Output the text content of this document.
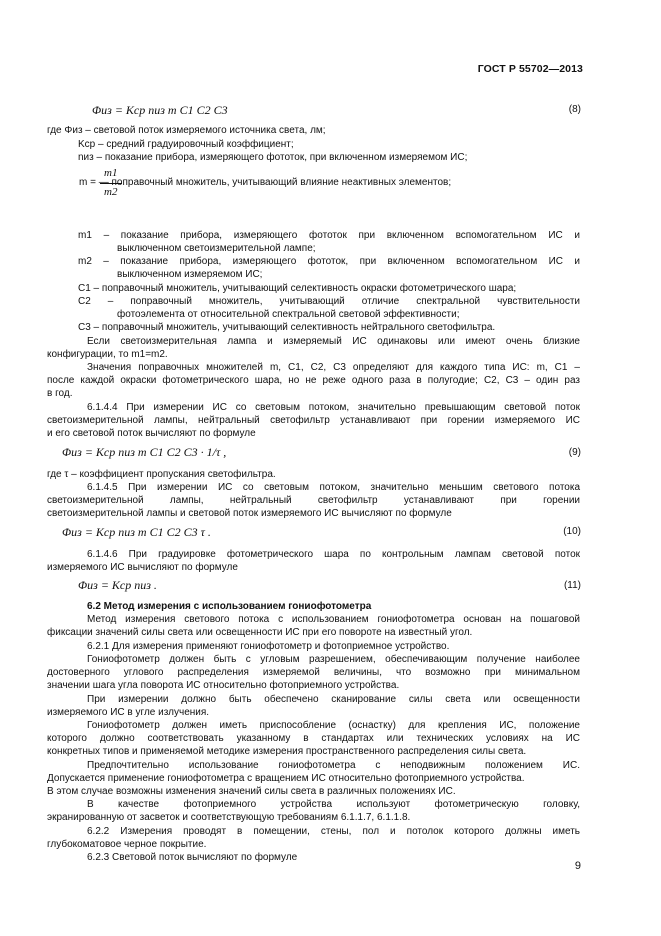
ГОСТ Р 55702—2013
Φиз = Kср nиз m C1 C2 C3	(8)
где Φиз – световой поток измеряемого источника света, лм;
Kср – средний градуировочный коэффициент;
nиз – показание прибора, измеряющего фототок, при включенном измеряемом ИС;
m1
m2
m = — поправочный множитель, учитывающий влияние неактивных элементов;
m1 – показание прибора, измеряющего фототок при включенном вспомогательном ИС и
выключенном светоизмерительной лампе;
m2 – показание прибора, измеряющего фототок, при включенном вспомогательном ИС и
выключенном измеряемом ИС;
C1 – поправочный множитель, учитывающий селективность окраски фотометрического шара;
C2 – поправочный множитель, учитывающий отличие спектральной чувствительности
фотоэлемента от относительной спектральной световой эффективности;
C3 – поправочный множитель, учитывающий селективность нейтрального светофильтра.
Если светоизмерительная лампа и измеряемый ИС одинаковы или имеют очень близкие
конфигурации, то m1=m2.
Значения поправочных множителей m, C1, C2, C3 определяют для каждого типа ИС: m, C1 –
после каждой окраски фотометрического шара, но не реже одного раза в полугодие; C2, C3 – один раз
в год.
6.1.4.4 При измерении ИС со световым потоком, значительно превышающим световой поток
светоизмерительной лампы, нейтральный светофильтр устанавливают при горении измеряемого ИС
и его световой поток вычисляют по формуле
Φиз = Kср nиз m C1 C2 C3 · 1/τ ,	(9)
где τ – коэффициент пропускания светофильтра.
6.1.4.5 При измерении ИС со световым потоком, значительно меньшим светового потока
светоизмерительной лампы, нейтральный светофильтр устанавливают при горении
светоизмерительной лампы и световой поток измеряемого ИС вычисляют по формуле
Φиз = Kср nиз m C1 C2 C3 τ .	(10)
6.1.4.6 При градуировке фотометрического шара по контрольным лампам световой поток
измеряемого ИС вычисляют по формуле
Φиз = Kср nиз .	(11)
6.2 Метод измерения с использованием гониофотометра
Метод измерения светового потока с использованием гониофотометра основан на пошаговой
фиксации значений силы света или освещенности ИС при его повороте на известный угол.
6.2.1 Для измерения применяют гониофотометр и фотоприемное устройство.
Гониофотометр должен быть с угловым разрешением, обеспечивающим получение наиболее
достоверного углового распределения измеряемой величины, что возможно при минимальном
значении шага угла поворота ИС относительно фотоприемного устройства.
При измерении должно быть обеспечено сканирование силы света или освещенности
измеряемого ИС в угле излучения.
Гониофотометр должен иметь приспособление (оснастку) для крепления ИС, положение
которого должно соответствовать указанному в стандартах или технических условиях на ИС
конкретных типов и применяемой методике измерения пространственного распределения силы света.
Предпочтительно использование гониофотометра с неподвижным положением ИС.
Допускается применение гониофотометра с вращением ИС относительно фотоприемного устройства.
В этом случае возможны изменения значений силы света в различных положениях ИС.
В качестве фотоприемного устройства используют фотометрическую головку,
экранированную от засветок и соответствующую требованиям 6.1.1.7, 6.1.1.8.
6.2.2 Измерения проводят в помещении, стены, пол и потолок которого должны иметь
глубокоматовое черное покрытие.
6.2.3 Световой поток вычисляют по формуле
9
